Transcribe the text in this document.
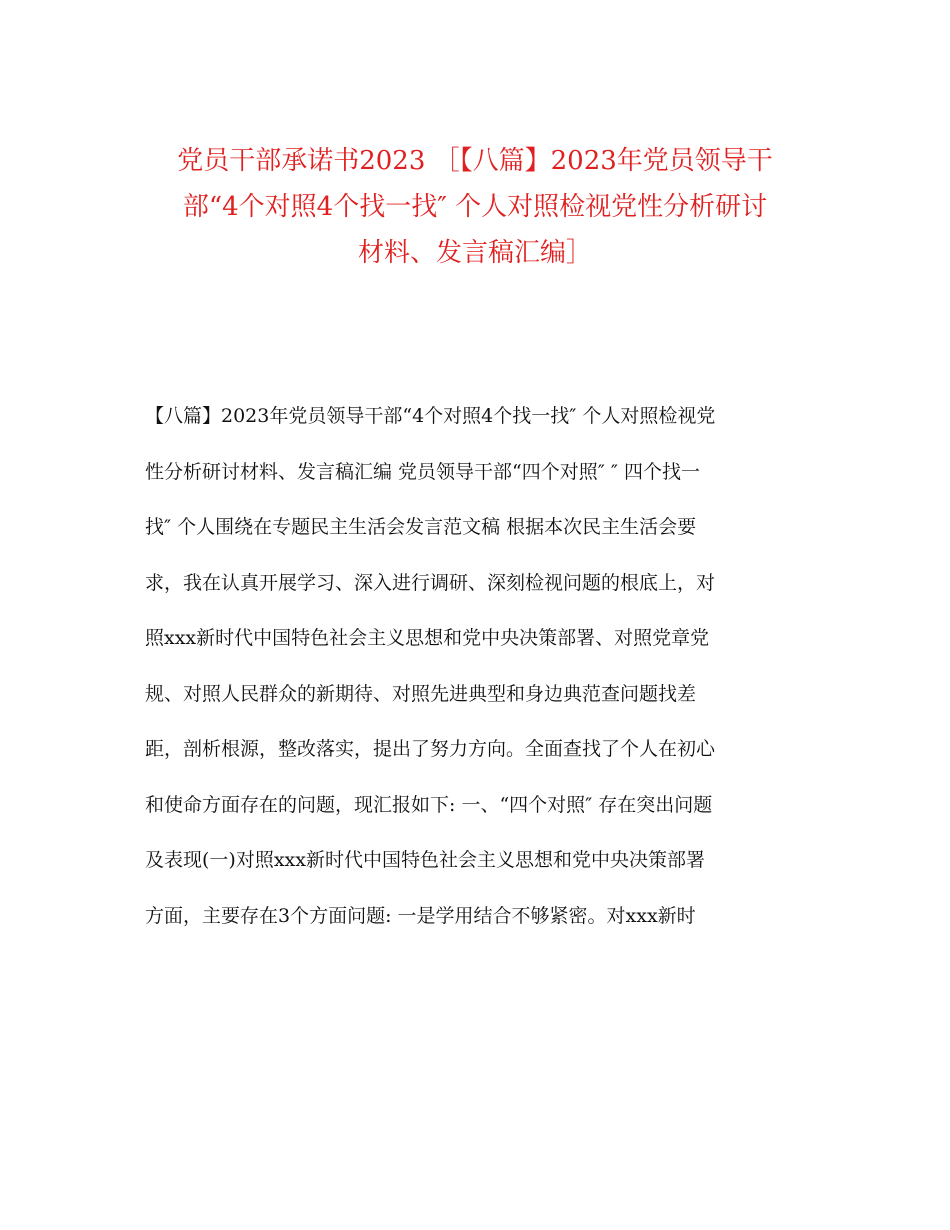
党员干部承诺书2023 ［【八篇】2023年党员领导干
部“4个对照4个找一找″ 个人对照检视党性分析研讨
材料、发言稿汇编］
【八篇】2023年党员领导干部“4个对照4个找一找″ 个人对照检视党
性分析研讨材料、发言稿汇编 党员领导干部“四个对照″ ″ 四个找一
找″ 个人围绕在专题民主生活会发言范文稿 根据本次民主生活会要
求，我在认真开展学习、深入进行调研、深刻检视问题的根底上，对
照xxx新时代中国特色社会主义思想和党中央决策部署、对照党章党
规、对照人民群众的新期待、对照先进典型和身边典范查问题找差
距，剖析根源，整改落实，提出了努力方向。全面查找了个人在初心
和使命方面存在的问题，现汇报如下: 一、“四个对照″ 存在突出问题
及表现(一)对照xxx新时代中国特色社会主义思想和党中央决策部署
方面，主要存在3个方面问题: 一是学用结合不够紧密。对xxx新时
